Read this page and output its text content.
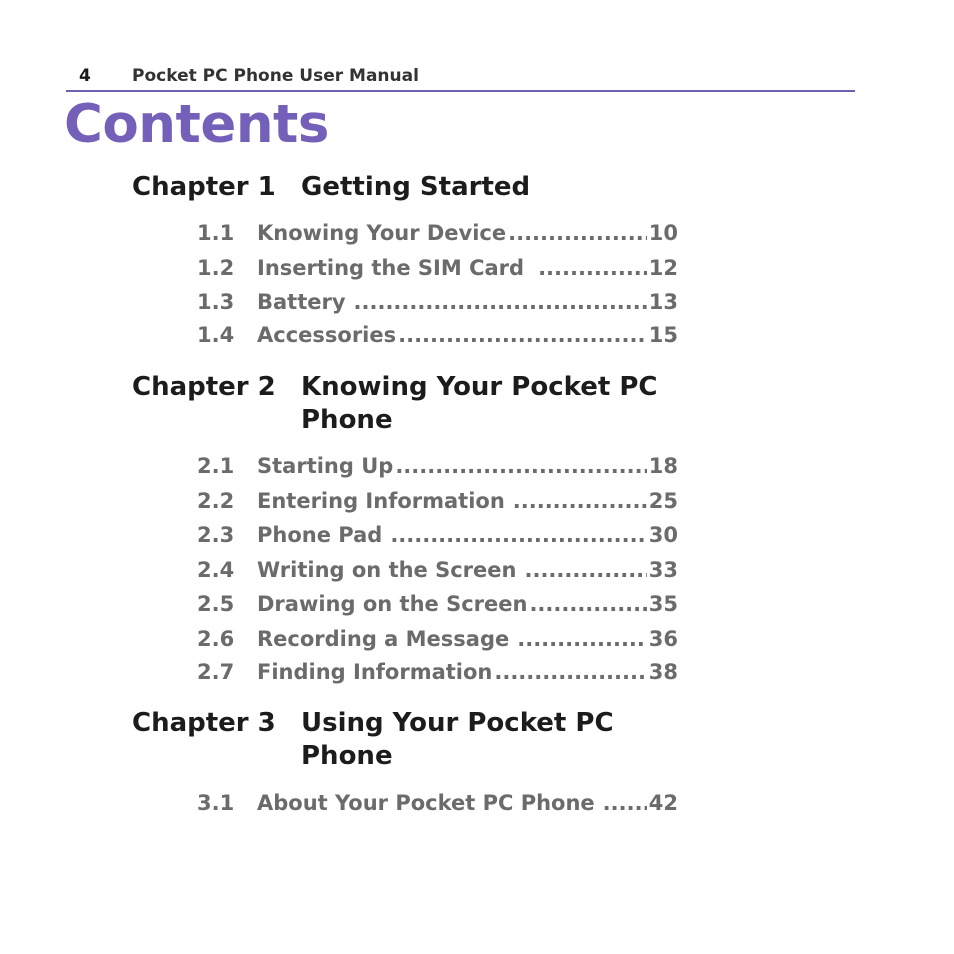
4 Pocket PC Phone User Manual
Contents
Chapter 1 Getting Started
1.1 Knowing Your Device .....	10
1.2 Inserting the SIM Card .....	12
1.3 Battery .....	13
1.4 Accessories .....	15
Chapter 2 Knowing Your Pocket PC Phone
2.1 Starting Up .....	18
2.2 Entering Information .....	25
2.3 Phone Pad .....	30
2.4 Writing on the Screen .....	33
2.5 Drawing on the Screen .....	35
2.6 Recording a Message .....	36
2.7 Finding Information .....	38
Chapter 3 Using Your Pocket PC Phone
3.1 About Your Pocket PC Phone .....	42
